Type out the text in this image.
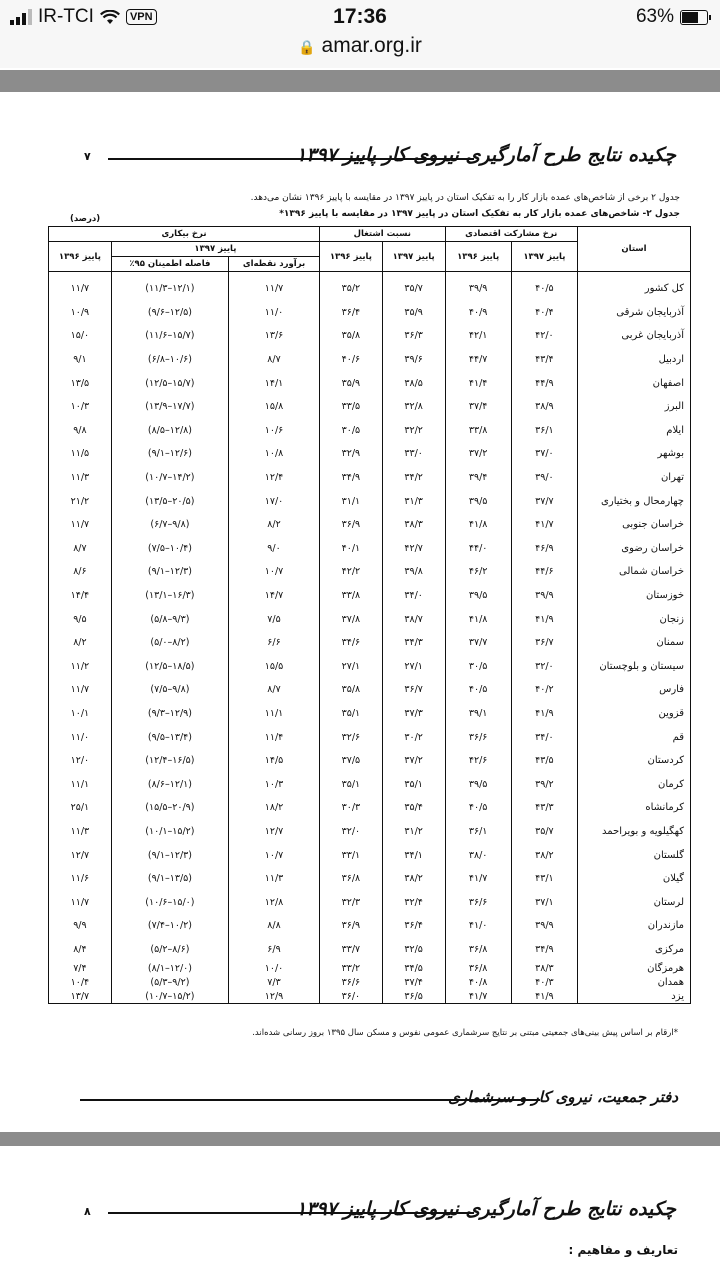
IR-TCI	VPN	17:36	63%
🔒 amar.org.ir
۷	چکیده نتایج طرح آمارگیری نیروی کار پاییز ۱۳۹۷
جدول ۲ برخی از شاخص‌های عمده بازار کار را به تفکیک استان در پاییز ۱۳۹۷ در مقایسه با پاییز ۱۳۹۶ نشان می‌دهد.
جدول ۲- شاخص‌های عمده بازار کار به تفکیک استان در پاییز ۱۳۹۷ در مقایسه با پاییز ۱۳۹۶*
(درصد)
استان	نرخ مشارکت اقتصادی		نسبت اشتغال		نرخ بیکاری		
	پاییز ۱۳۹۷	پاییز ۱۳۹۶	پاییز ۱۳۹۷	پاییز ۱۳۹۶	پاییز ۱۳۹۷		پاییز ۱۳۹۶
					برآورد نقطه‌ای	فاصله اطمینان ۹۵٪	
کل کشور	۴۰/۵	۳۹/۹	۳۵/۷	۳۵/۲	۱۱/۷	(۱۲/۱–۱۱/۳)	۱۱/۷
آذربایجان شرقی	۴۰/۴	۴۰/۹	۳۵/۹	۳۶/۴	۱۱/۰	(۱۲/۵–۹/۶)	۱۰/۹
آذربایجان غربی	۴۲/۰	۴۲/۱	۳۶/۳	۳۵/۸	۱۳/۶	(۱۵/۷–۱۱/۶)	۱۵/۰
اردبیل	۴۳/۴	۴۴/۷	۳۹/۶	۴۰/۶	۸/۷	(۱۰/۶–۶/۸)	۹/۱
اصفهان	۴۴/۹	۴۱/۴	۳۸/۵	۳۵/۹	۱۴/۱	(۱۵/۷–۱۲/۵)	۱۳/۵
البرز	۳۸/۹	۳۷/۴	۳۲/۸	۳۳/۵	۱۵/۸	(۱۷/۷–۱۳/۹)	۱۰/۳
ایلام	۳۶/۱	۳۳/۸	۳۲/۲	۳۰/۵	۱۰/۶	(۱۲/۸–۸/۵)	۹/۸
بوشهر	۳۷/۰	۳۷/۲	۳۳/۰	۳۲/۹	۱۰/۸	(۱۲/۶–۹/۱)	۱۱/۵
تهران	۳۹/۰	۳۹/۴	۳۴/۲	۳۴/۹	۱۲/۴	(۱۴/۲–۱۰/۷)	۱۱/۳
چهارمحال و بختیاری	۳۷/۷	۳۹/۵	۳۱/۳	۳۱/۱	۱۷/۰	(۲۰/۵–۱۳/۵)	۲۱/۲
خراسان جنوبی	۴۱/۷	۴۱/۸	۳۸/۳	۳۶/۹	۸/۲	(۹/۸–۶/۷)	۱۱/۷
خراسان رضوی	۴۶/۹	۴۴/۰	۴۲/۷	۴۰/۱	۹/۰	(۱۰/۴–۷/۵)	۸/۷
خراسان شمالی	۴۴/۶	۴۶/۲	۳۹/۸	۴۲/۲	۱۰/۷	(۱۲/۳–۹/۱)	۸/۶
خوزستان	۳۹/۹	۳۹/۵	۳۴/۰	۳۳/۸	۱۴/۷	(۱۶/۳–۱۳/۱)	۱۴/۴
زنجان	۴۱/۹	۴۱/۸	۳۸/۷	۳۷/۸	۷/۵	(۹/۳–۵/۸)	۹/۵
سمنان	۳۶/۷	۳۷/۷	۳۴/۳	۳۴/۶	۶/۶	(۸/۲–۵/۰)	۸/۲
سیستان و بلوچستان	۳۲/۰	۳۰/۵	۲۷/۱	۲۷/۱	۱۵/۵	(۱۸/۵–۱۲/۵)	۱۱/۲
فارس	۴۰/۲	۴۰/۵	۳۶/۷	۳۵/۸	۸/۷	(۹/۸–۷/۵)	۱۱/۷
قزوین	۴۱/۹	۳۹/۱	۳۷/۳	۳۵/۱	۱۱/۱	(۱۲/۹–۹/۳)	۱۰/۱
قم	۳۴/۰	۳۶/۶	۳۰/۲	۳۲/۶	۱۱/۴	(۱۳/۴–۹/۵)	۱۱/۰
کردستان	۴۳/۵	۴۲/۶	۳۷/۲	۳۷/۵	۱۴/۵	(۱۶/۵–۱۲/۴)	۱۲/۰
کرمان	۳۹/۲	۳۹/۵	۳۵/۱	۳۵/۱	۱۰/۳	(۱۲/۱–۸/۶)	۱۱/۱
کرمانشاه	۴۳/۳	۴۰/۵	۳۵/۴	۳۰/۳	۱۸/۲	(۲۰/۹–۱۵/۵)	۲۵/۱
کهگیلویه و بویراحمد	۳۵/۷	۳۶/۱	۳۱/۲	۳۲/۰	۱۲/۷	(۱۵/۲–۱۰/۱)	۱۱/۳
گلستان	۳۸/۲	۳۸/۰	۳۴/۱	۳۳/۱	۱۰/۷	(۱۲/۳–۹/۱)	۱۲/۷
گیلان	۴۳/۱	۴۱/۷	۳۸/۲	۳۶/۸	۱۱/۳	(۱۳/۵–۹/۱)	۱۱/۶
لرستان	۳۷/۱	۳۶/۶	۳۲/۴	۳۲/۳	۱۲/۸	(۱۵/۰–۱۰/۶)	۱۱/۷
مازندران	۳۹/۹	۴۱/۰	۳۶/۴	۳۶/۹	۸/۸	(۱۰/۲–۷/۴)	۹/۹
مرکزی	۳۴/۹	۳۶/۸	۳۲/۵	۳۳/۷	۶/۹	(۸/۶–۵/۲)	۸/۴
هرمزگان	۳۸/۳	۳۶/۸	۳۴/۵	۳۳/۲	۱۰/۰	(۱۲/۰–۸/۱)	۷/۴
همدان	۴۰/۳	۴۰/۸	۳۷/۴	۳۶/۶	۷/۳	(۹/۲–۵/۳)	۱۰/۴
یزد	۴۱/۹	۴۱/۷	۳۶/۵	۳۶/۰	۱۲/۹	(۱۵/۲–۱۰/۷)	۱۳/۷
*ارقام بر اساس پیش بینی‌های جمعیتی مبتنی بر نتایج سرشماری عمومی نفوس و مسکن سال ۱۳۹۵ بروز رسانی شده‌اند.
دفتر جمعیت، نیروی کار و سرشماری
۸	چکیده نتایج طرح آمارگیری نیروی کار پاییز ۱۳۹۷
تعاریف و مفاهیم :
